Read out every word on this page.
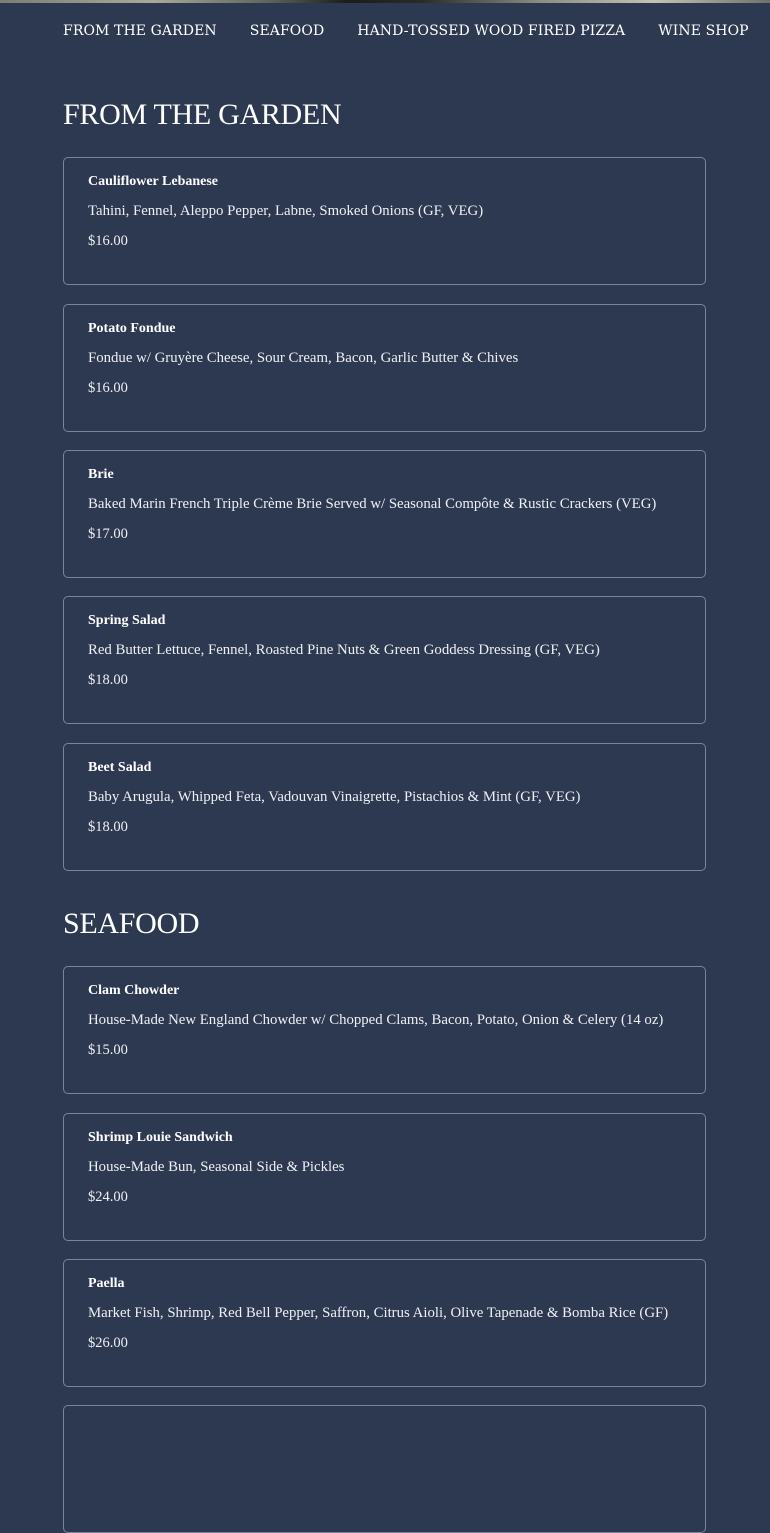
FROM THE GARDEN SEAFOOD HAND-TOSSED WOOD FIRED PIZZA WINE SHOP
FROM THE GARDEN
Cauliflower Lebanese
Tahini, Fennel, Aleppo Pepper, Labne, Smoked Onions (GF, VEG)
$16.00
Potato Fondue
Fondue w/ Gruyère Cheese, Sour Cream, Bacon, Garlic Butter & Chives
$16.00
Brie
Baked Marin French Triple Crème Brie Served w/ Seasonal Compôte & Rustic Crackers (VEG)
$17.00
Spring Salad
Red Butter Lettuce, Fennel, Roasted Pine Nuts & Green Goddess Dressing (GF, VEG)
$18.00
Beet Salad
Baby Arugula, Whipped Feta, Vadouvan Vinaigrette, Pistachios & Mint (GF, VEG)
$18.00
SEAFOOD
Clam Chowder
House-Made New England Chowder w/ Chopped Clams, Bacon, Potato, Onion & Celery (14 oz)
$15.00
Shrimp Louie Sandwich
House-Made Bun, Seasonal Side & Pickles
$24.00
Paella
Market Fish, Shrimp, Red Bell Pepper, Saffron, Citrus Aioli, Olive Tapenade & Bomba Rice (GF)
$26.00
